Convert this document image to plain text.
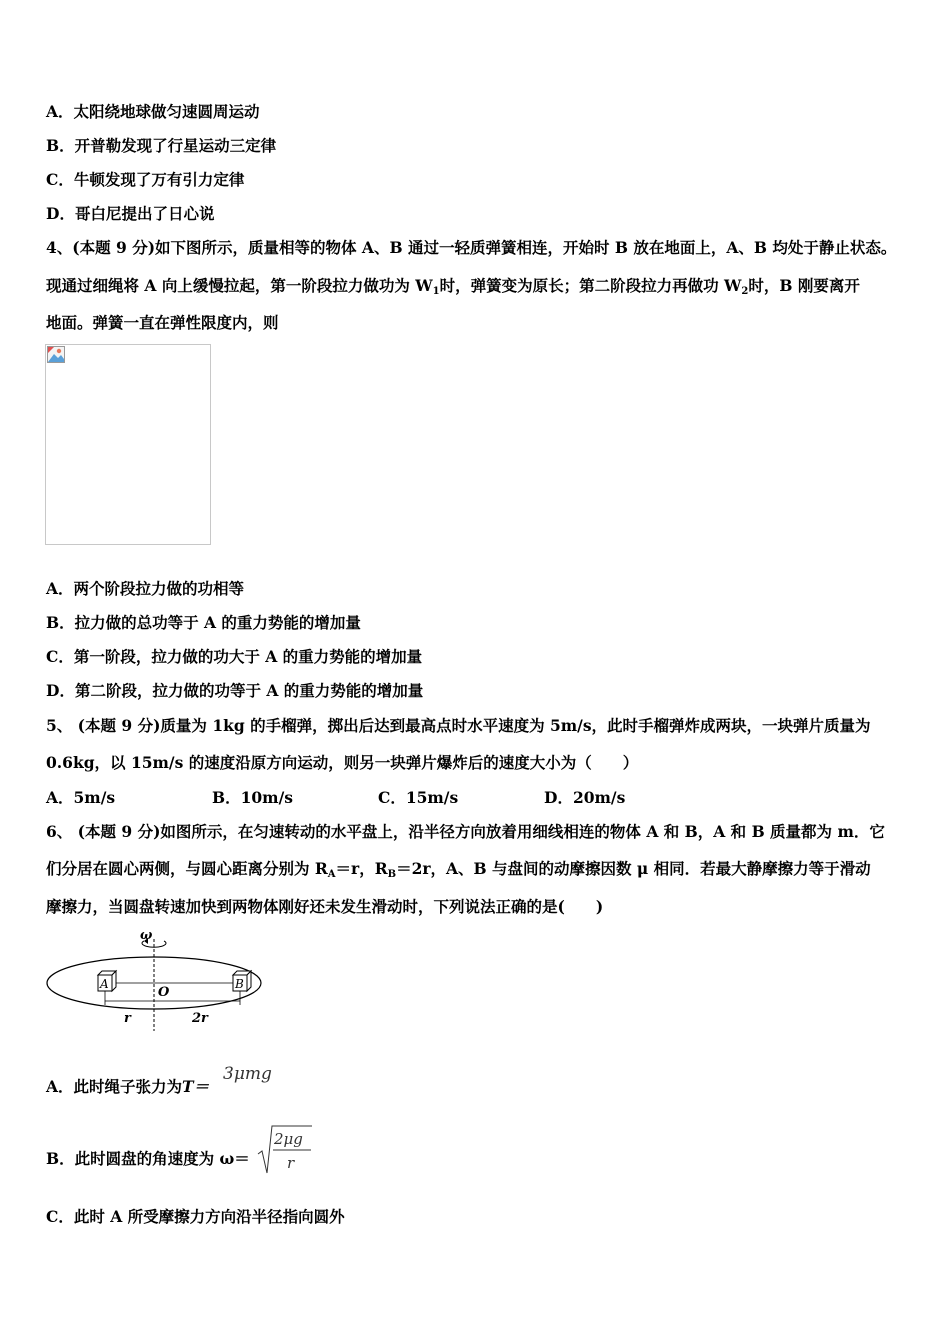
A．太阳绕地球做匀速圆周运动
B．开普勒发现了行星运动三定律
C．牛顿发现了万有引力定律
D．哥白尼提出了日心说
4、(本题 9 分)如下图所示，质量相等的物体 A、B 通过一轻质弹簧相连，开始时 B 放在地面上，A、B 均处于静止状态。
现通过细绳将 A 向上缓慢拉起，第一阶段拉力做功为 $W_1$时，弹簧变为原长；第二阶段拉力再做功 $W_2$时，B 刚要离开
地面。弹簧一直在弹性限度内，则
A．两个阶段拉力做的功相等
B．拉力做的总功等于 A 的重力势能的增加量
C．第一阶段，拉力做的功大于 A 的重力势能的增加量
D．第二阶段，拉力做的功等于 A 的重力势能的增加量
5、 (本题 9 分)质量为 1kg 的手榴弹，掷出后达到最高点时水平速度为 5m/s，此时手榴弹炸成两块，一块弹片质量为
0.6kg，以 15m/s 的速度沿原方向运动，则另一块弹片爆炸后的速度大小为（　　）
A．5m/s	B．10m/s	C．15m/s	D．20m/s
6、 (本题 9 分)如图所示，在匀速转动的水平盘上，沿半径方向放着用细线相连的物体 A 和 B，A 和 B 质量都为 m．它
们分居在圆心两侧，与圆心距离分别为 $R_A=r$，$R_B=2r$，A、B 与盘间的动摩擦因数 μ 相同．若最大静摩擦力等于滑动
摩擦力，当圆盘转速加快到两物体刚好还未发生滑动时，下列说法正确的是(　　)
ω
A	B
O
r	2r
A．此时绳子张力为T＝
3μmg
B．此时圆盘的角速度为 ω＝
2μg
r
C．此时 A 所受摩擦力方向沿半径指向圆外
